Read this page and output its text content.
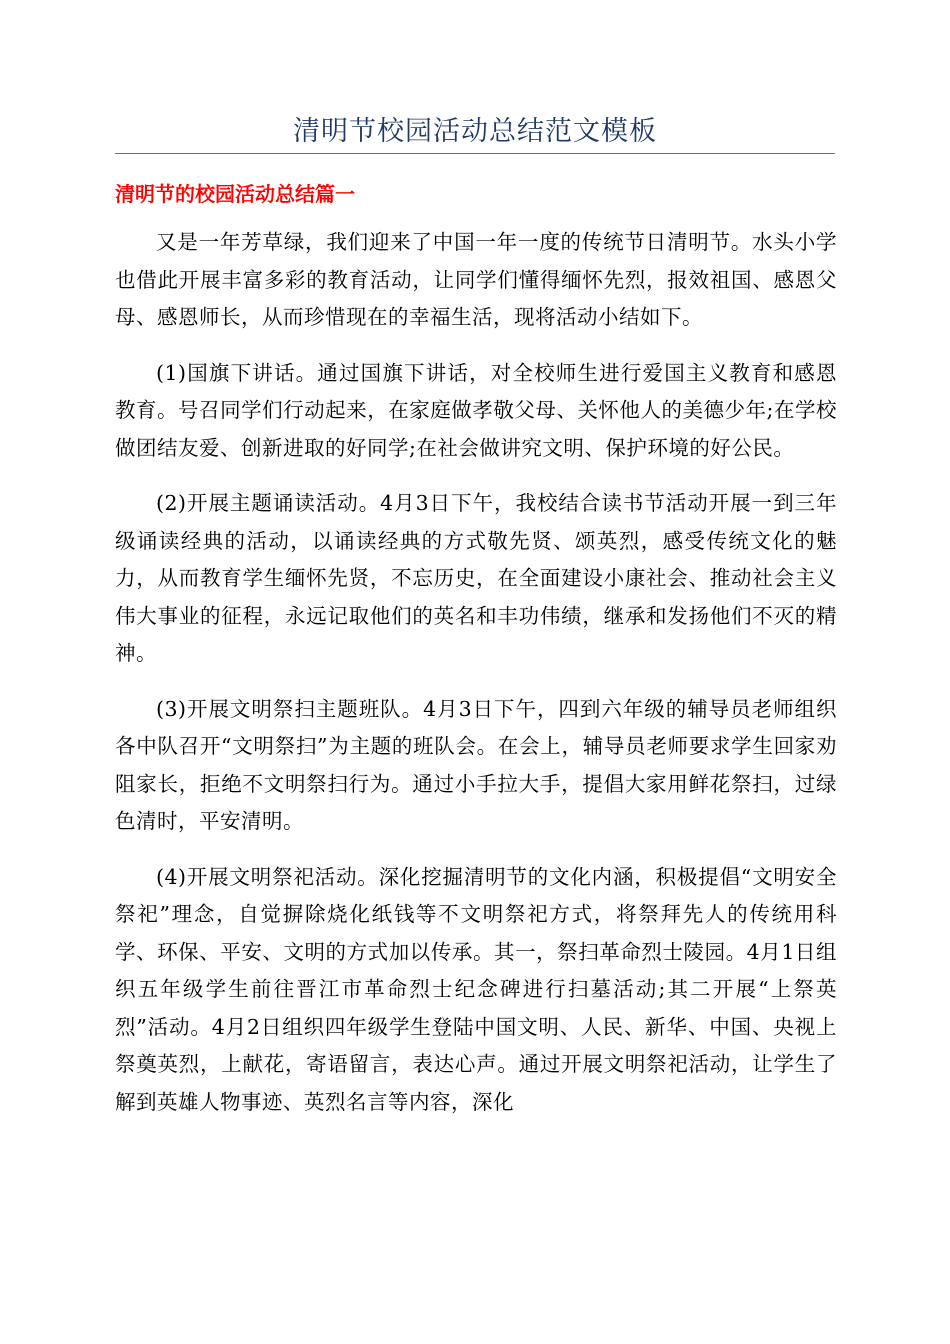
清明节校园活动总结范文模板
清明节的校园活动总结篇一

又是一年芳草绿，我们迎来了中国一年一度的传统节日清明节。水头小学也借此开展丰富多彩的教育活动，让同学们懂得缅怀先烈，报效祖国、感恩父母、感恩师长，从而珍惜现在的幸福生活，现将活动小结如下。

(1)国旗下讲话。通过国旗下讲话，对全校师生进行爱国主义教育和感恩教育。号召同学们行动起来，在家庭做孝敬父母、关怀他人的美德少年;在学校做团结友爱、创新进取的好同学;在社会做讲究文明、保护环境的好公民。

(2)开展主题诵读活动。4月3日下午，我校结合读书节活动开展一到三年级诵读经典的活动，以诵读经典的方式敬先贤、颂英烈，感受传统文化的魅力，从而教育学生缅怀先贤，不忘历史，在全面建设小康社会、推动社会主义伟大事业的征程，永远记取他们的英名和丰功伟绩，继承和发扬他们不灭的精神。

(3)开展文明祭扫主题班队。4月3日下午，四到六年级的辅导员老师组织各中队召开“文明祭扫”为主题的班队会。在会上，辅导员老师要求学生回家劝阻家长，拒绝不文明祭扫行为。通过小手拉大手，提倡大家用鲜花祭扫，过绿色清时，平安清明。

(4)开展文明祭祀活动。深化挖掘清明节的文化内涵，积极提倡“文明安全祭祀”理念，自觉摒除烧化纸钱等不文明祭祀方式，将祭拜先人的传统用科学、环保、平安、文明的方式加以传承。其一，祭扫革命烈士陵园。4月1日组织五年级学生前往晋江市革命烈士纪念碑进行扫墓活动;其二开展“上祭英烈”活动。4月2日组织四年级学生登陆中国文明、人民、新华、中国、央视上祭奠英烈，上献花，寄语留言，表达心声。通过开展文明祭祀活动，让学生了解到英雄人物事迹、英烈名言等内容，深化
